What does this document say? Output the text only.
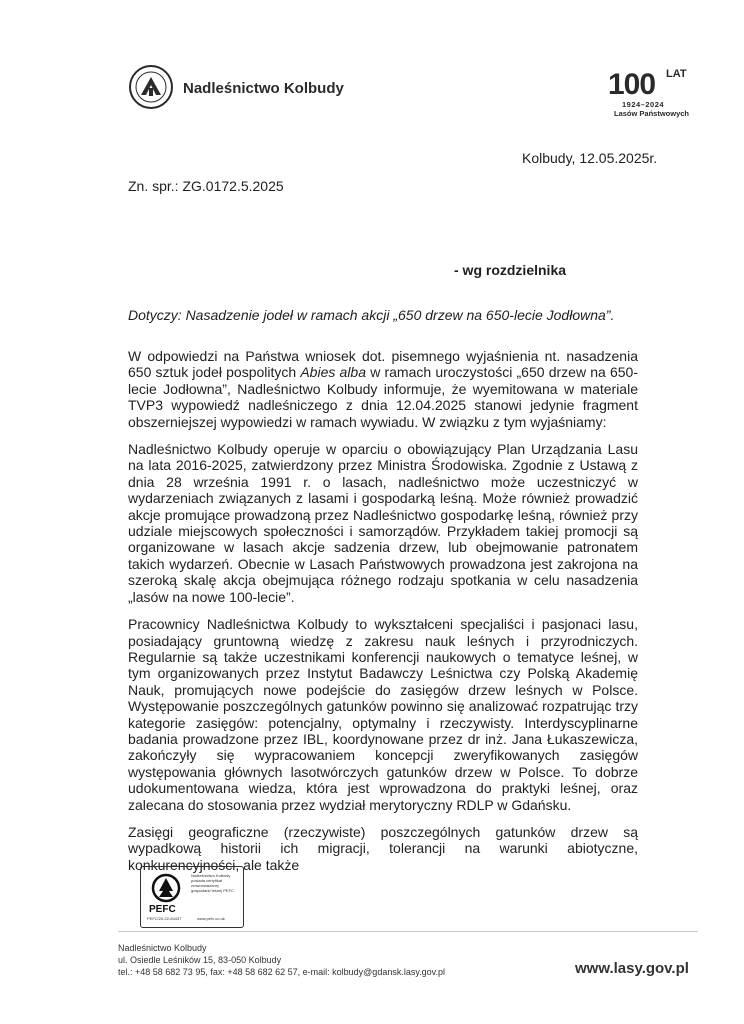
Nadleśnictwo Kolbudy	100 LAT
1924–2024
Lasów Państwowych
Kolbudy, 12.05.2025r.
Zn. spr.: ZG.0172.5.2025
- wg rozdzielnika
Dotyczy: Nasadzenie jodeł w ramach akcji „650 drzew na 650-lecie Jodłowna”.

W odpowiedzi na Państwa wniosek dot. pisemnego wyjaśnienia nt. nasadzenia 650 sztuk jodeł pospolitych Abies alba w ramach uroczystości „650 drzew na 650-lecie Jodłowna”, Nadleśnictwo Kolbudy informuje, że wyemitowana w materiale TVP3 wypowiedź nadleśniczego z dnia 12.04.2025 stanowi jedynie fragment obszerniejszej wypowiedzi w ramach wywiadu. W związku z tym wyjaśniamy:

Nadleśnictwo Kolbudy operuje w oparciu o obowiązujący Plan Urządzania Lasu na lata 2016-2025, zatwierdzony przez Ministra Środowiska. Zgodnie z Ustawą z dnia 28 września 1991 r. o lasach, nadleśnictwo może uczestniczyć w wydarzeniach związanych z lasami i gospodarką leśną. Może również prowadzić akcje promujące prowadzoną przez Nadleśnictwo gospodarkę leśną, również przy udziale miejscowych społeczności i samorządów. Przykładem takiej promocji są organizowane w lasach akcje sadzenia drzew, lub obejmowanie patronatem takich wydarzeń. Obecnie w Lasach Państwowych prowadzona jest zakrojona na szeroką skalę akcja obejmująca różnego rodzaju spotkania w celu nasadzenia „lasów na nowe 100-lecie”.

Pracownicy Nadleśnictwa Kolbudy to wykształceni specjaliści i pasjonaci lasu, posiadający gruntowną wiedzę z zakresu nauk leśnych i przyrodniczych. Regularnie są także uczestnikami konferencji naukowych o tematyce leśnej, w tym organizowanych przez Instytut Badawczy Leśnictwa czy Polską Akademię Nauk, promujących nowe podejście do zasięgów drzew leśnych w Polsce. Występowanie poszczególnych gatunków powinno się analizować rozpatrując trzy kategorie zasięgów: potencjalny, optymalny i rzeczywisty. Interdyscyplinarne badania prowadzone przez IBL, koordynowane przez dr inż. Jana Łukaszewicza, zakończyły się wypracowaniem koncepcji zweryfikowanych zasięgów występowania głównych lasotwórczych gatunków drzew w Polsce. To dobrze udokumentowana wiedza, która jest wprowadzona do praktyki leśnej, oraz zalecana do stosowania przez wydział merytoryczny RDLP w Gdańsku.

Zasięgi geograficzne (rzeczywiste) poszczególnych gatunków drzew są wypadkową historii ich migracji, tolerancji na warunki abiotyczne, konkurencyjności, ale także

PEFC
PEFC/20-22-84437
Nadleśnictwo Kolbudy posiada certyfikat zrównoważonej gospodarki leśnej PEFC
www.pefc.co.uk
Nadleśnictwo Kolbudy
ul. Osiedle Leśników 15, 83-050 Kolbudy
tel.: +48 58 682 73 95, fax: +48 58 682 62 57, e-mail: kolbudy@gdansk.lasy.gov.pl	www.lasy.gov.pl
